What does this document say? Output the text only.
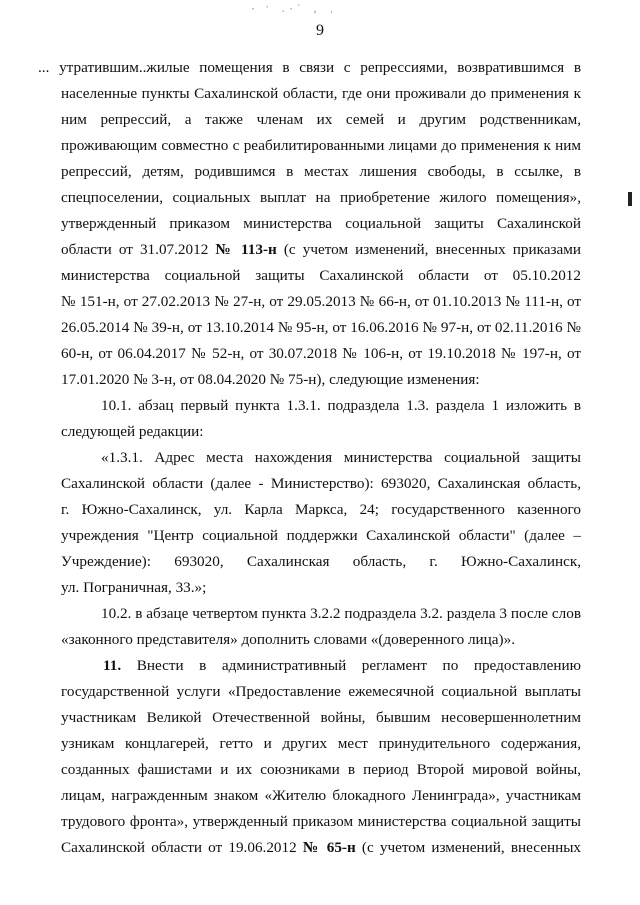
· ̒ .·` , ˌ
9
... утратившим..жилые помещения в связи с репрессиями, возвратившимся в
населенные пункты Сахалинской области, где они проживали до применения к
ним репрессий, а также членам их семей и другим родственникам,
проживающим совместно с реабилитированными лицами до применения к ним
репрессий, детям, родившимся в местах лишения свободы, в ссылке, в
спецпоселении, социальных выплат на приобретение жилого помещения»,
утвержденный приказом министерства социальной защиты Сахалинской
области от 31.07.2012 № 113-н (с учетом изменений, внесенных приказами
министерства социальной защиты Сахалинской области от 05.10.2012
№ 151-н, от 27.02.2013 № 27-н, от 29.05.2013 № 66-н, от 01.10.2013 № 111-н, от
26.05.2014 № 39-н, от 13.10.2014 № 95-н, от 16.06.2016 № 97-н, от 02.11.2016 №
60-н, от 06.04.2017 № 52-н, от 30.07.2018 № 106-н, от 19.10.2018 № 197-н, от
17.01.2020 № 3-н, от 08.04.2020 № 75-н), следующие изменения:
10.1. абзац первый пункта 1.3.1. подраздела 1.3. раздела 1 изложить в
следующей редакции:
«1.3.1. Адрес места нахождения министерства социальной защиты
Сахалинской области (далее - Министерство): 693020, Сахалинская область,
г. Южно-Сахалинск, ул. Карла Маркса, 24; государственного казенного
учреждения "Центр социальной поддержки Сахалинской области" (далее –
Учреждение): 693020, Сахалинская область, г. Южно-Сахалинск,
ул. Пограничная, 33.»;
10.2. в абзаце четвертом пункта 3.2.2 подраздела 3.2. раздела 3 после слов
«законного представителя» дополнить словами «(доверенного лица)».
11. Внести в административный регламент по предоставлению
государственной услуги «Предоставление ежемесячной социальной выплаты
участникам Великой Отечественной войны, бывшим несовершеннолетним
узникам концлагерей, гетто и других мест принудительного содержания,
созданных фашистами и их союзниками в период Второй мировой войны,
лицам, награжденным знаком «Жителю блокадного Ленинграда», участникам
трудового фронта», утвержденный приказом министерства социальной защиты
Сахалинской области от 19.06.2012 № 65-н (с учетом изменений, внесенных
